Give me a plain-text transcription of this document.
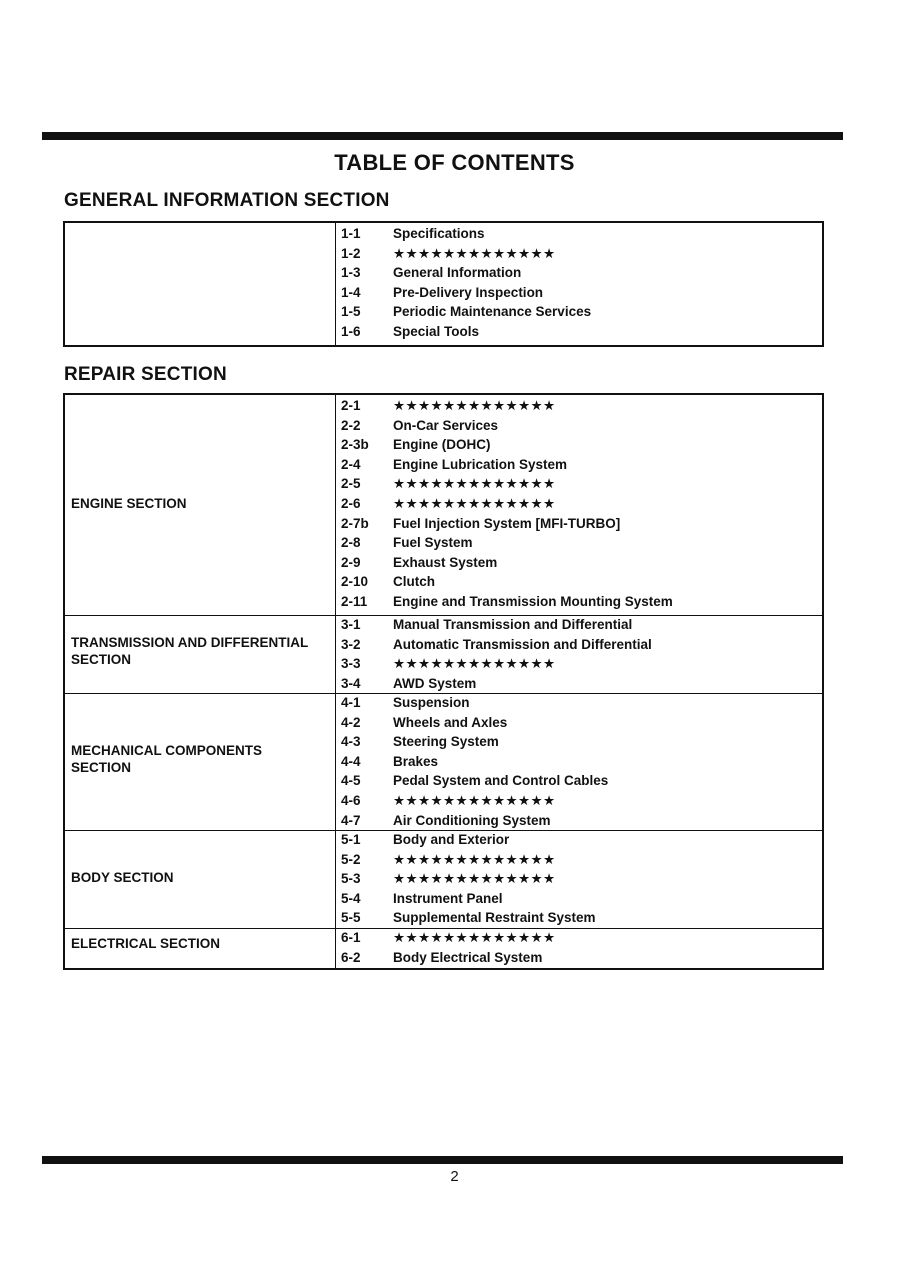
TABLE OF CONTENTS
GENERAL INFORMATION SECTION
1-1 Specifications
1-2 ★★★★★★★★★★★★★
1-3 General Information
1-4 Pre-Delivery Inspection
1-5 Periodic Maintenance Services
1-6 Special Tools
REPAIR SECTION
ENGINE SECTION
2-1 ★★★★★★★★★★★★★
2-2 On-Car Services
2-3b Engine (DOHC)
2-4 Engine Lubrication System
2-5 ★★★★★★★★★★★★★
2-6 ★★★★★★★★★★★★★
2-7b Fuel Injection System [MFI-TURBO]
2-8 Fuel System
2-9 Exhaust System
2-10 Clutch
2-11 Engine and Transmission Mounting System
TRANSMISSION AND DIFFERENTIAL
SECTION
3-1 Manual Transmission and Differential
3-2 Automatic Transmission and Differential
3-3 ★★★★★★★★★★★★★
3-4 AWD System
MECHANICAL COMPONENTS
SECTION
4-1 Suspension
4-2 Wheels and Axles
4-3 Steering System
4-4 Brakes
4-5 Pedal System and Control Cables
4-6 ★★★★★★★★★★★★★
4-7 Air Conditioning System
BODY SECTION
5-1 Body and Exterior
5-2 ★★★★★★★★★★★★★
5-3 ★★★★★★★★★★★★★
5-4 Instrument Panel
5-5 Supplemental Restraint System
ELECTRICAL SECTION	6-1 ★★★★★★★★★★★★★
6-2 Body Electrical System
2
